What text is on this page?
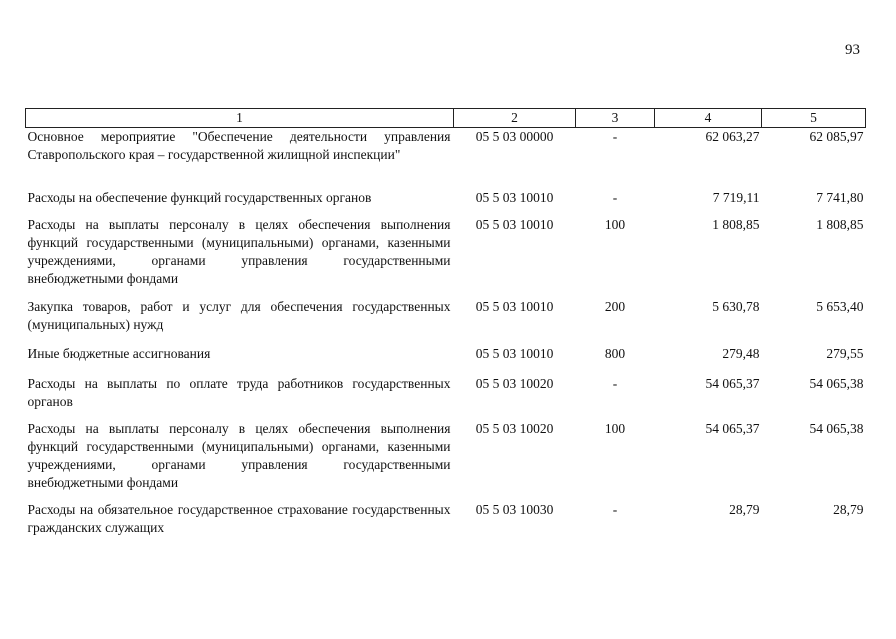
93
1	2	3	4	5
Основное мероприятие "Обеспечение деятельности управления Ставропольского края – государственной жилищной инспекции"	05 5 03 00000	-	62 063,27	62 085,97
Расходы на обеспечение функций государственных органов	05 5 03 10010	-	7 719,11	7 741,80
Расходы на выплаты персоналу в целях обеспечения выполнения функций государственными (муниципальными) органами, казенными учреждениями, органами управления государственными внебюджетными фондами	05 5 03 10010	100	1 808,85	1 808,85
Закупка товаров, работ и услуг для обеспечения государственных (муниципальных) нужд	05 5 03 10010	200	5 630,78	5 653,40
Иные бюджетные ассигнования	05 5 03 10010	800	279,48	279,55
Расходы на выплаты по оплате труда работников государственных органов	05 5 03 10020	-	54 065,37	54 065,38
Расходы на выплаты персоналу в целях обеспечения выполнения функций государственными (муниципальными) органами, казенными учреждениями, органами управления государственными внебюджетными фондами	05 5 03 10020	100	54 065,37	54 065,38
Расходы на обязательное государственное страхование государственных гражданских служащих	05 5 03 10030	-	28,79	28,79
